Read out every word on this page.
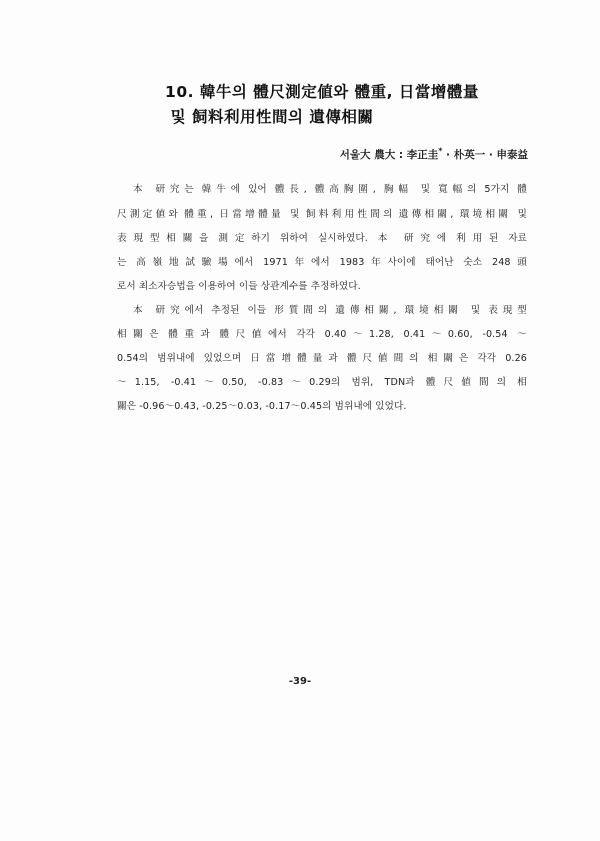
10. 韓牛의 體尺測定値와 體重, 日當增體量
및 飼料利用性間의 遺傳相關
서울大 農大 : 李正圭* · 朴英一 · 申泰益
本 研究는 韓牛에 있어 體長, 體高胸圍, 胸幅 및 寬幅의 5가지 體
尺測定値와 體重, 日當增體量 및 飼料利用性間의 遺傳相關, 環境相關 및
表現型相關을 測定하기 위하여 실시하였다. 本 研究에 利用된 자료
는 高嶺地試驗場에서 1971年에서 1983年사이에 태어난 숫소 248頭
로서 최소자승법을 이용하여 이들 상관계수를 추정하였다.
本 研究에서 추정된 이들 形質間의 遺傳相關, 環境相關 및 表現型
相關은 體重과 體尺値에서 각각 0.40～1.28, 0.41～0.60, -0.54 ～
0.54의 범위내에 있었으며 日當增體量과 體尺値間의 相關은 각각 0.26
～1.15, -0.41～0.50, -0.83～0.29의 범위, TDN과 體尺値間의 相
關은 -0.96～0.43, -0.25～0.03, -0.17～0.45의 범위내에 있었다.
-39-
